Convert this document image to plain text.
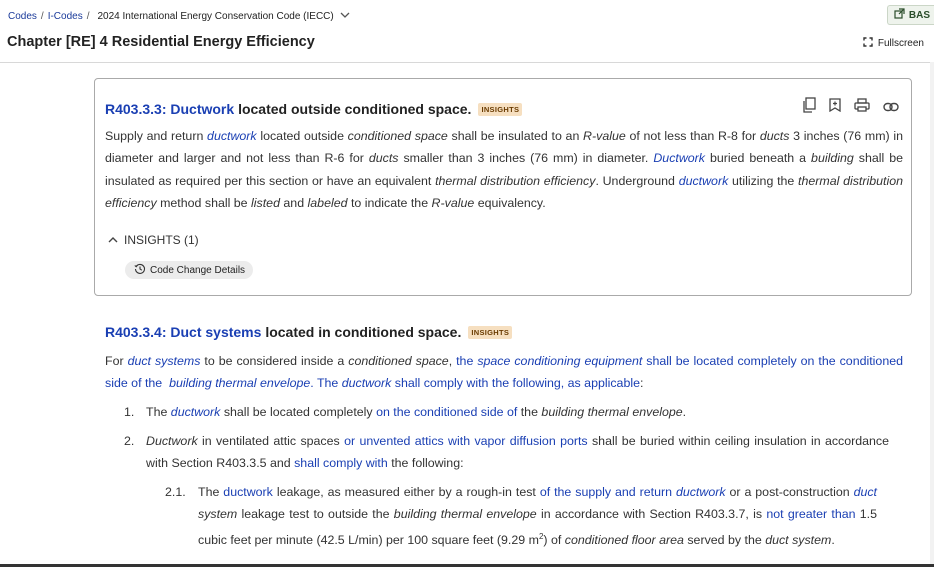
Codes / I-Codes / 2024 International Energy Conservation Code (IECC)
Chapter [RE] 4 Residential Energy Efficiency
BAS
Fullscreen
R403.3.3: Ductwork located outside conditioned space.	INSIGHTS
Supply and return ductwork located outside conditioned space shall be insulated to an R-value of not less than R-8 for ducts 3 inches (76 mm) in diameter and larger and not less than R-6 for ducts smaller than 3 inches (76 mm) in diameter. Ductwork buried beneath a building shall be insulated as required per this section or have an equivalent thermal distribution efficiency. Underground ductwork utilizing the thermal distribution efficiency method shall be listed and labeled to indicate the R-value equivalency.
INSIGHTS (1)
Code Change Details
R403.3.4: Duct systems located in conditioned space.	INSIGHTS
For duct systems to be considered inside a conditioned space, the space conditioning equipment shall be located completely on the conditioned side of the  building thermal envelope. The ductwork shall comply with the following, as applicable:
1. The ductwork shall be located completely on the conditioned side of the building thermal envelope.
2. Ductwork in ventilated attic spaces or unvented attics with vapor diffusion ports shall be buried within ceiling insulation in accordance with Section R403.3.5 and shall comply with the following:
2.1. The ductwork leakage, as measured either by a rough-in test of the supply and return ductwork or a post-construction duct system leakage test to outside the building thermal envelope in accordance with Section R403.3.7, is not greater than 1.5 cubic feet per minute (42.5 L/min) per 100 square feet (9.29 $m^2$) of conditioned floor area served by the duct system.
